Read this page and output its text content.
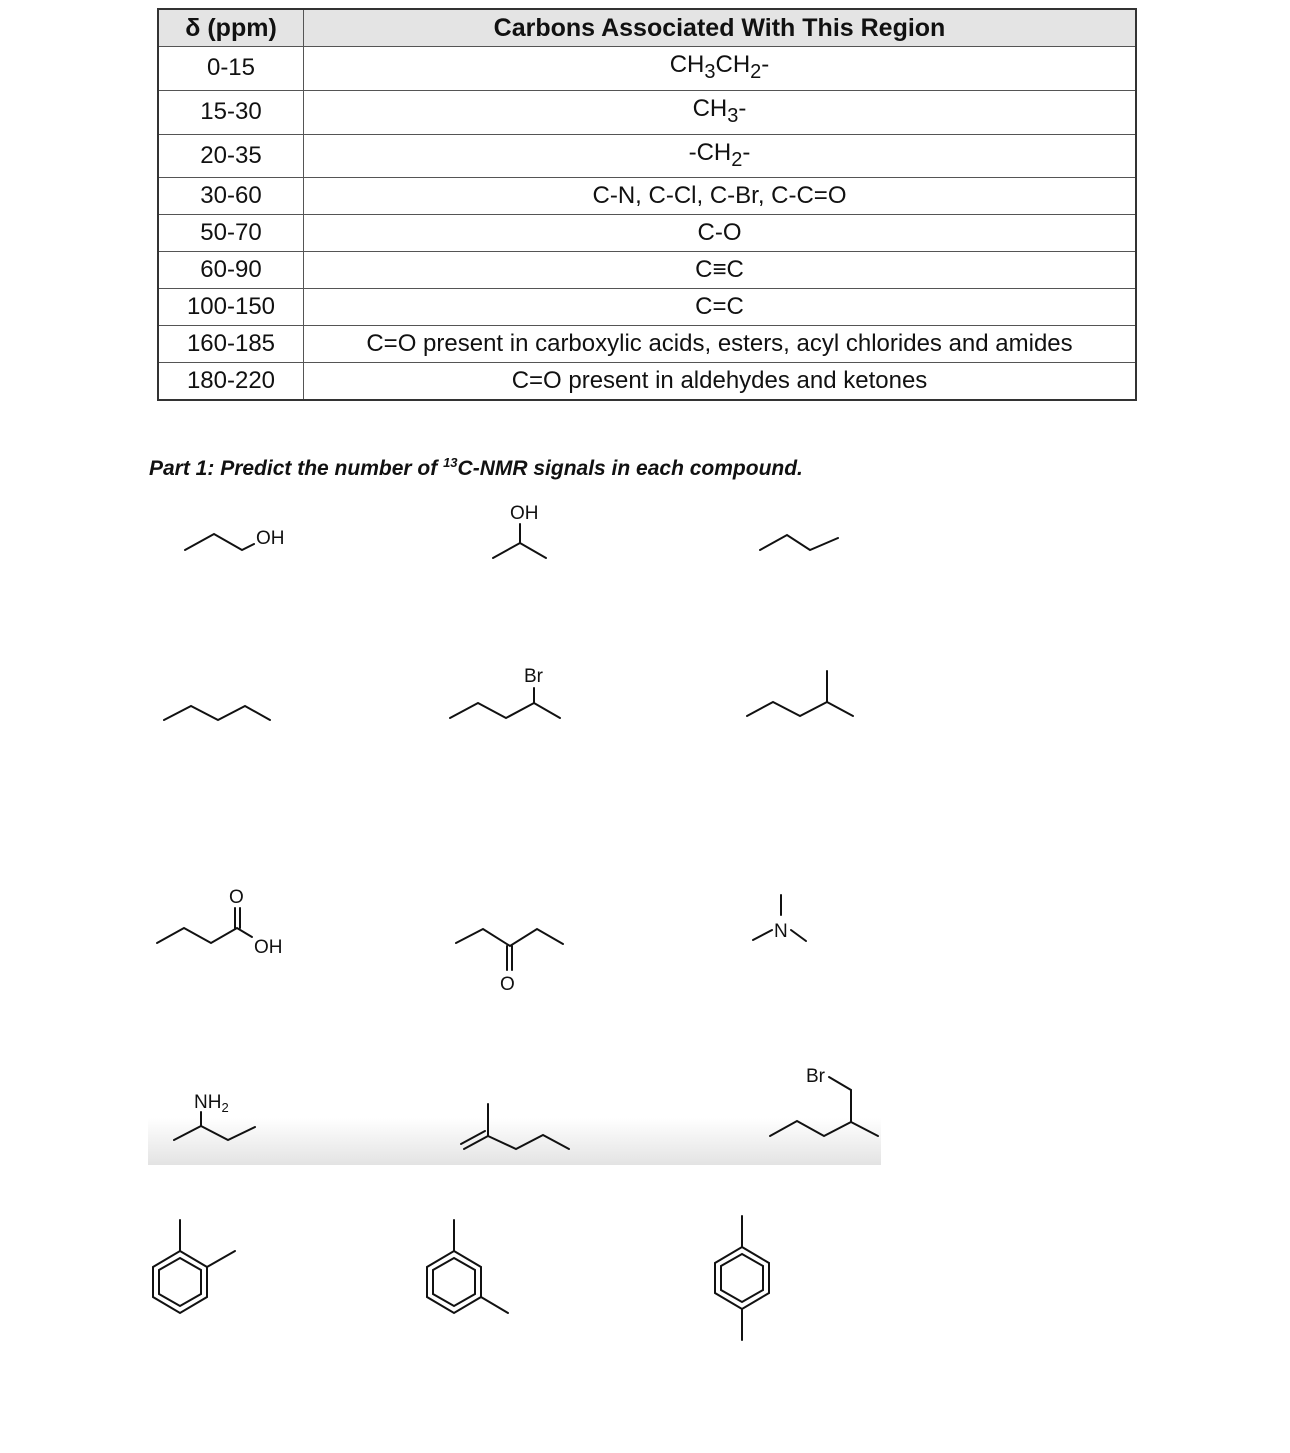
δ (ppm)	Carbons Associated With This Region
0-15	$CH_3CH_2-$
15-30	$CH_3-$
20-35	$-CH_2-$
30-60	C-N, C-Cl, C-Br, C-C=O
50-70	C-O
60-90	C≡C
100-150	C=C
160-185	C=O present in carboxylic acids, esters, acyl chlorides and amides
180-220	C=O present in aldehydes and ketones
Part 1: Predict the number of $^{13}$C-NMR signals in each compound.
OH
OH
Br
O
OH
O
N
$NH_2$
Br
